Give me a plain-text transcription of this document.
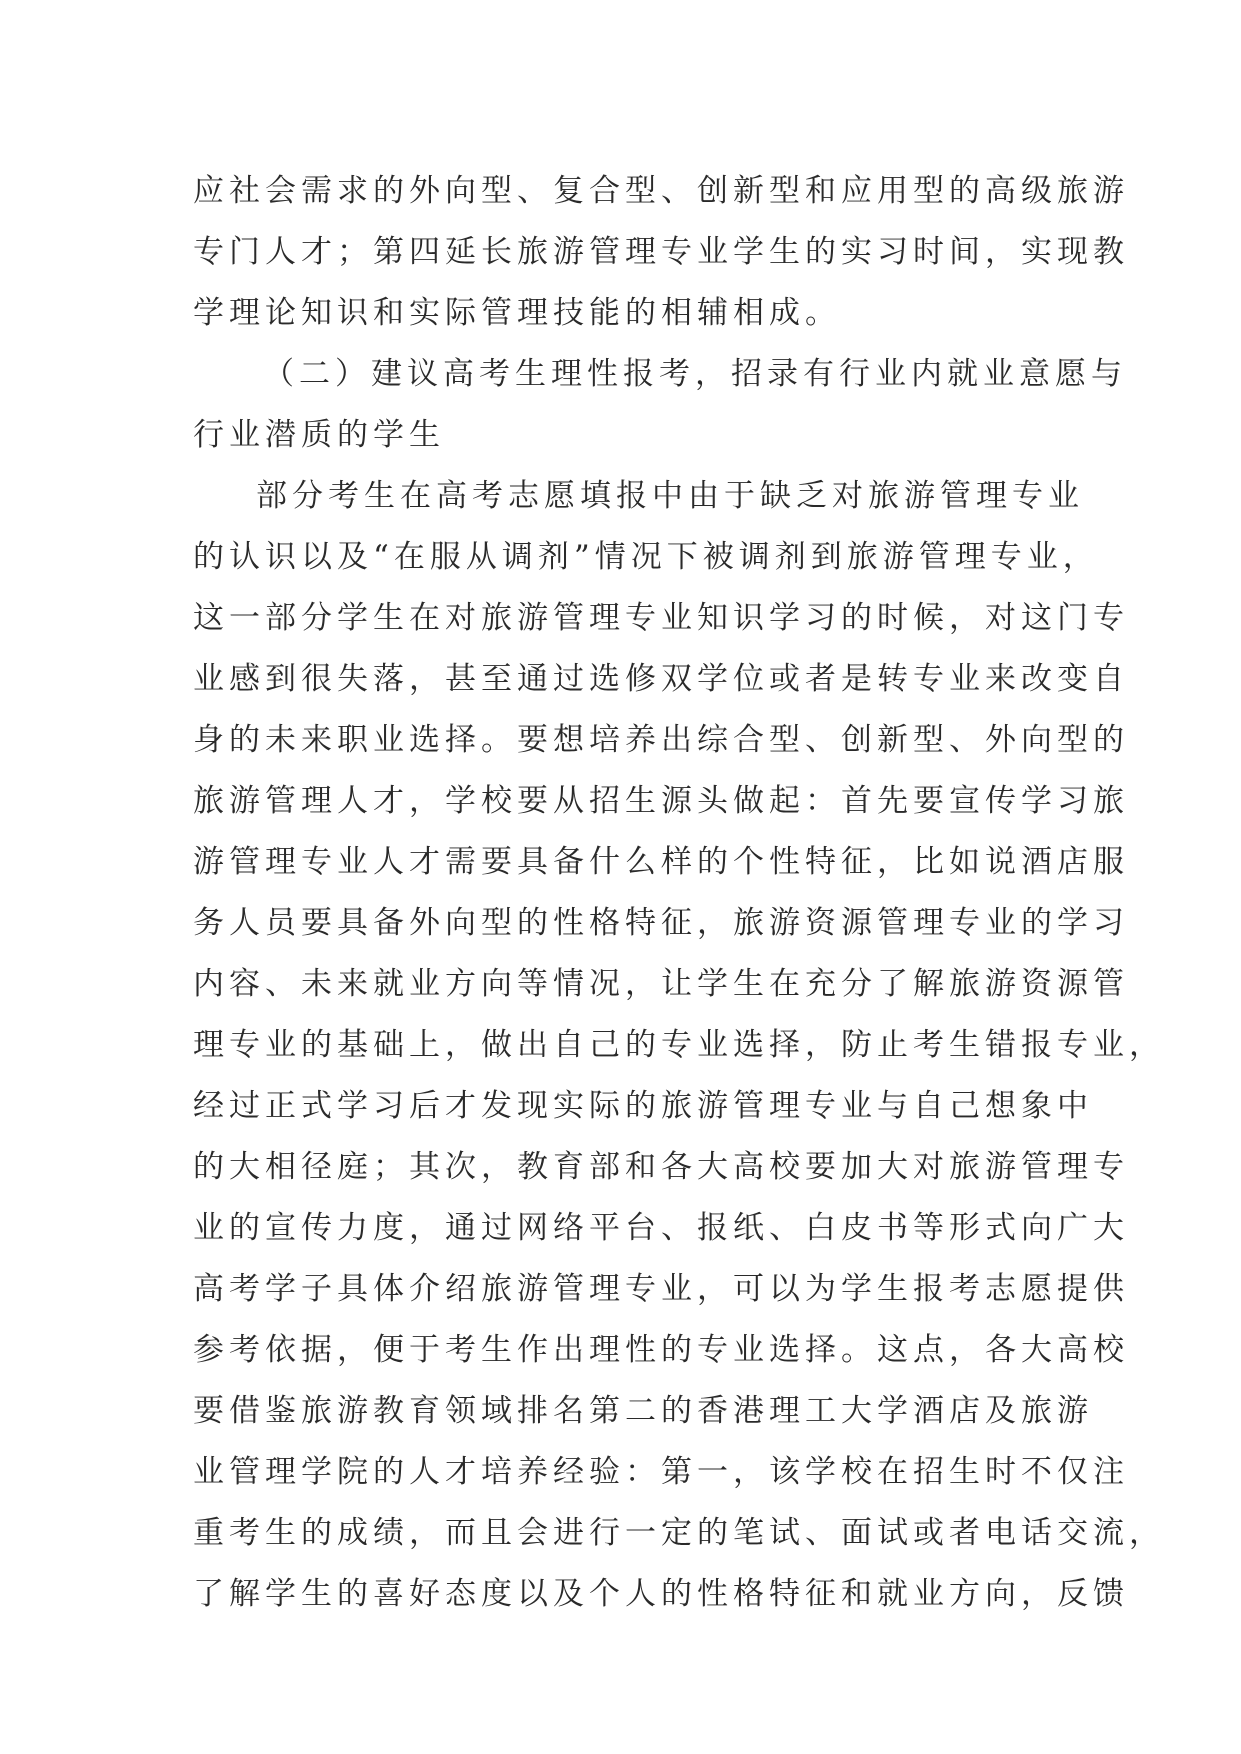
应社会需求的外向型、复合型、创新型和应用型的高级旅游
专门人才；第四延长旅游管理专业学生的实习时间，实现教
学理论知识和实际管理技能的相辅相成。
（二）建议高考生理性报考，招录有行业内就业意愿与
行业潜质的学生
部分考生在高考志愿填报中由于缺乏对旅游管理专业
的认识以及“在服从调剂”情况下被调剂到旅游管理专业，
这一部分学生在对旅游管理专业知识学习的时候，对这门专
业感到很失落，甚至通过选修双学位或者是转专业来改变自
身的未来职业选择。要想培养出综合型、创新型、外向型的
旅游管理人才，学校要从招生源头做起：首先要宣传学习旅
游管理专业人才需要具备什么样的个性特征，比如说酒店服
务人员要具备外向型的性格特征，旅游资源管理专业的学习
内容、未来就业方向等情况，让学生在充分了解旅游资源管
理专业的基础上，做出自己的专业选择，防止考生错报专业，
经过正式学习后才发现实际的旅游管理专业与自己想象中
的大相径庭；其次，教育部和各大高校要加大对旅游管理专
业的宣传力度，通过网络平台、报纸、白皮书等形式向广大
高考学子具体介绍旅游管理专业，可以为学生报考志愿提供
参考依据，便于考生作出理性的专业选择。这点，各大高校
要借鉴旅游教育领域排名第二的香港理工大学酒店及旅游
业管理学院的人才培养经验：第一，该学校在招生时不仅注
重考生的成绩，而且会进行一定的笔试、面试或者电话交流，
了解学生的喜好态度以及个人的性格特征和就业方向，反馈
